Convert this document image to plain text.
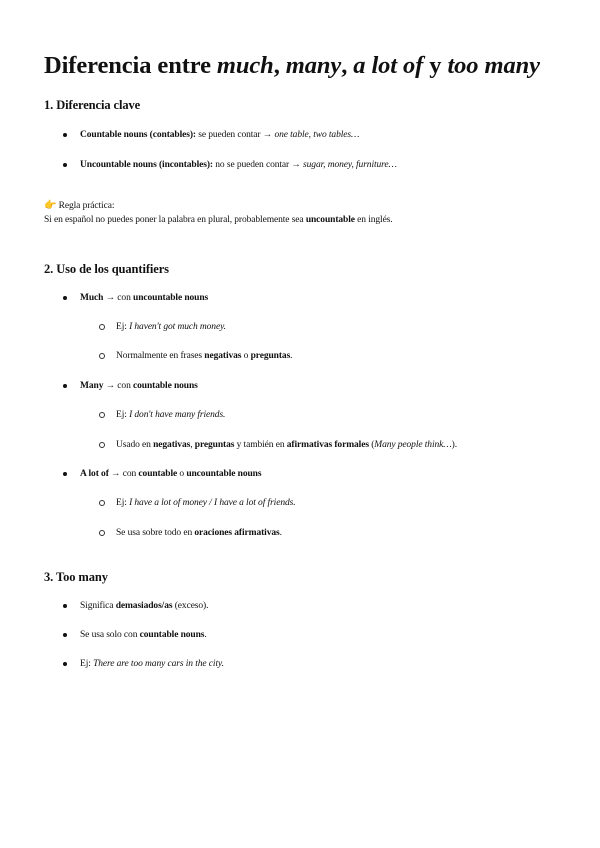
Diferencia entre much, many, a lot of y too many
1. Diferencia clave
Countable nouns (contables): se pueden contar → one table, two tables…
Uncountable nouns (incontables): no se pueden contar → sugar, money, furniture…
👉 Regla práctica:
Si en español no puedes poner la palabra en plural, probablemente sea uncountable en inglés.
2. Uso de los quantifiers
Much → con uncountable nouns
Ej: I haven't got much money.
Normalmente en frases negativas o preguntas.
Many → con countable nouns
Ej: I don't have many friends.
Usado en negativas, preguntas y también en afirmativas formales (Many people think…).
A lot of → con countable o uncountable nouns
Ej: I have a lot of money / I have a lot of friends.
Se usa sobre todo en oraciones afirmativas.
3. Too many
Significa demasiados/as (exceso).
Se usa solo con countable nouns.
Ej: There are too many cars in the city.
